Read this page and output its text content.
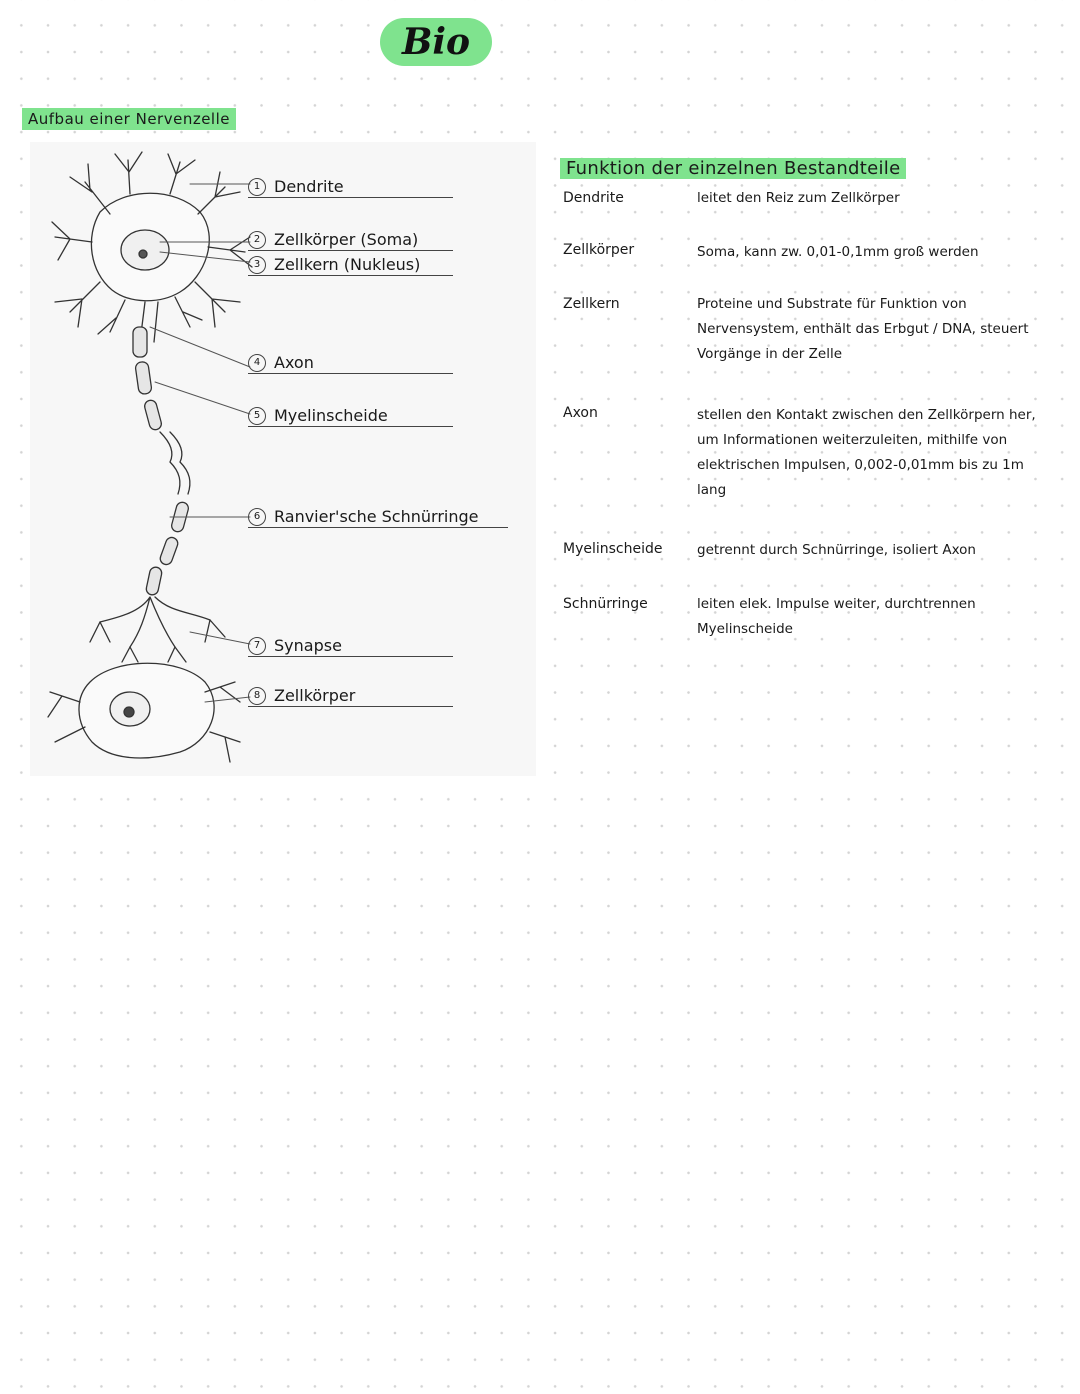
Bio
Aufbau einer Nervenzelle
1 Dendrite
2 Zellkörper (Soma)
3 Zellkern (Nukleus)
4 Axon
5 Myelinscheide
6 Ranvier'sche Schnürringe
7 Synapse
8 Zellkörper
Funktion der einzelnen Bestandteile
Dendrite	leitet den Reiz zum Zellkörper
Zellkörper	Soma, kann zw. 0,01-0,1mm groß werden
Zellkern	Proteine und Substrate für Funktion von Nervensystem, enthält das Erbgut / DNA, steuert Vorgänge in der Zelle
Axon	stellen den Kontakt zwischen den Zellkörpern her, um Informationen weiterzuleiten, mithilfe von elektrischen Impulsen, 0,002-0,01mm bis zu 1m lang
Myelinscheide	getrennt durch Schnürringe, isoliert Axon
Schnürringe	leiten elek. Impulse weiter, durchtrennen Myelinscheide
